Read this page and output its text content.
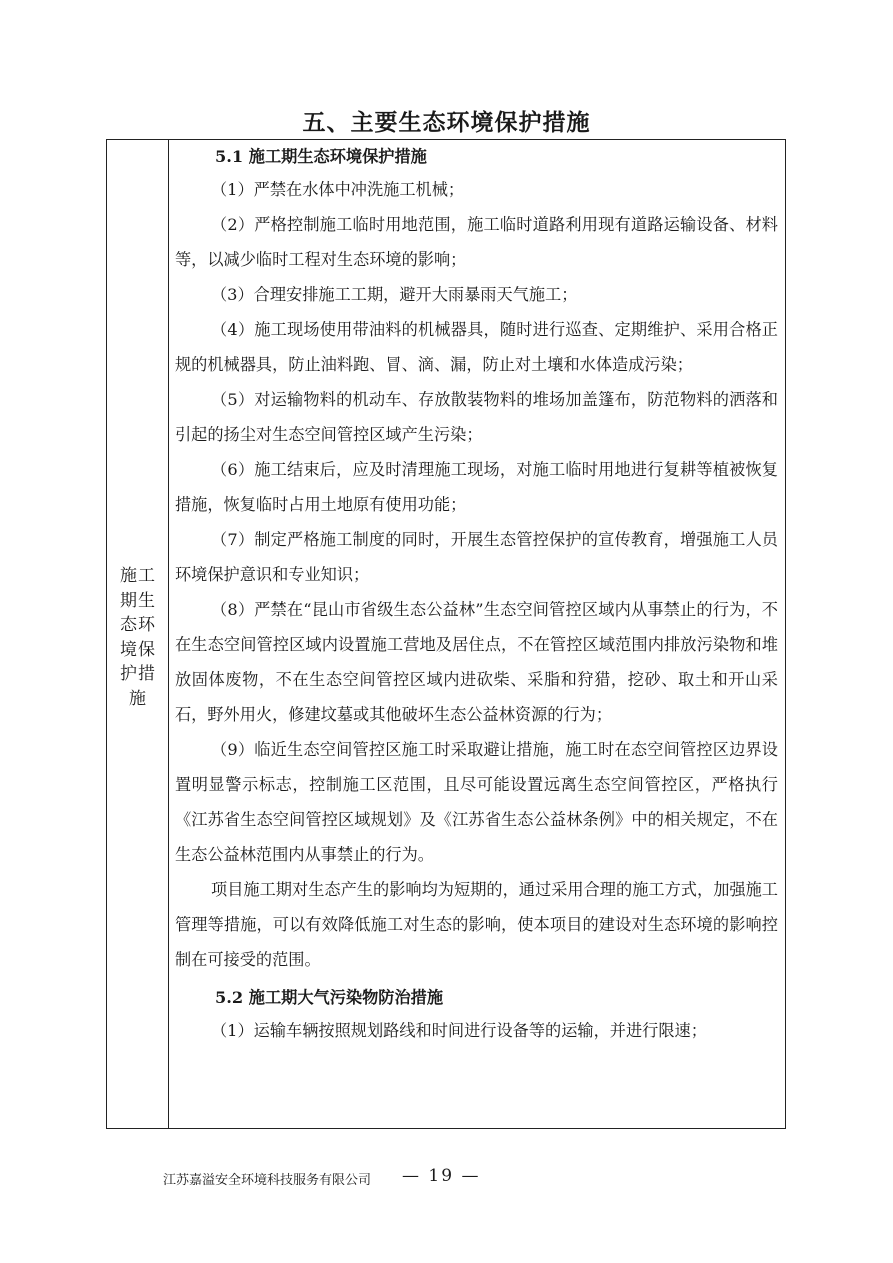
五、主要生态环境保护措施
施工期生态环境保护措施
5.1 施工期生态环境保护措施

（1）严禁在水体中冲洗施工机械；

（2）严格控制施工临时用地范围，施工临时道路利用现有道路运输设备、材料等，以减少临时工程对生态环境的影响；

（3）合理安排施工工期，避开大雨暴雨天气施工；

（4）施工现场使用带油料的机械器具，随时进行巡查、定期维护、采用合格正规的机械器具，防止油料跑、冒、滴、漏，防止对土壤和水体造成污染；

（5）对运输物料的机动车、存放散装物料的堆场加盖篷布，防范物料的洒落和引起的扬尘对生态空间管控区域产生污染；

（6）施工结束后，应及时清理施工现场，对施工临时用地进行复耕等植被恢复措施，恢复临时占用土地原有使用功能；

（7）制定严格施工制度的同时，开展生态管控保护的宣传教育，增强施工人员环境保护意识和专业知识；

（8）严禁在“昆山市省级生态公益林”生态空间管控区域内从事禁止的行为，不在生态空间管控区域内设置施工营地及居住点，不在管控区域范围内排放污染物和堆放固体废物，不在生态空间管控区域内进砍柴、采脂和狩猎，挖砂、取土和开山采石，野外用火，修建坟墓或其他破坏生态公益林资源的行为；

（9）临近生态空间管控区施工时采取避让措施，施工时在态空间管控区边界设置明显警示标志，控制施工区范围，且尽可能设置远离生态空间管控区，严格执行《江苏省生态空间管控区域规划》及《江苏省生态公益林条例》中的相关规定，不在生态公益林范围内从事禁止的行为。

项目施工期对生态产生的影响均为短期的，通过采用合理的施工方式，加强施工管理等措施，可以有效降低施工对生态的影响，使本项目的建设对生态环境的影响控制在可接受的范围。

5.2 施工期大气污染物防治措施

（1）运输车辆按照规划路线和时间进行设备等的运输，并进行限速；

江苏嘉溢安全环境科技服务有限公司 — 19 —
